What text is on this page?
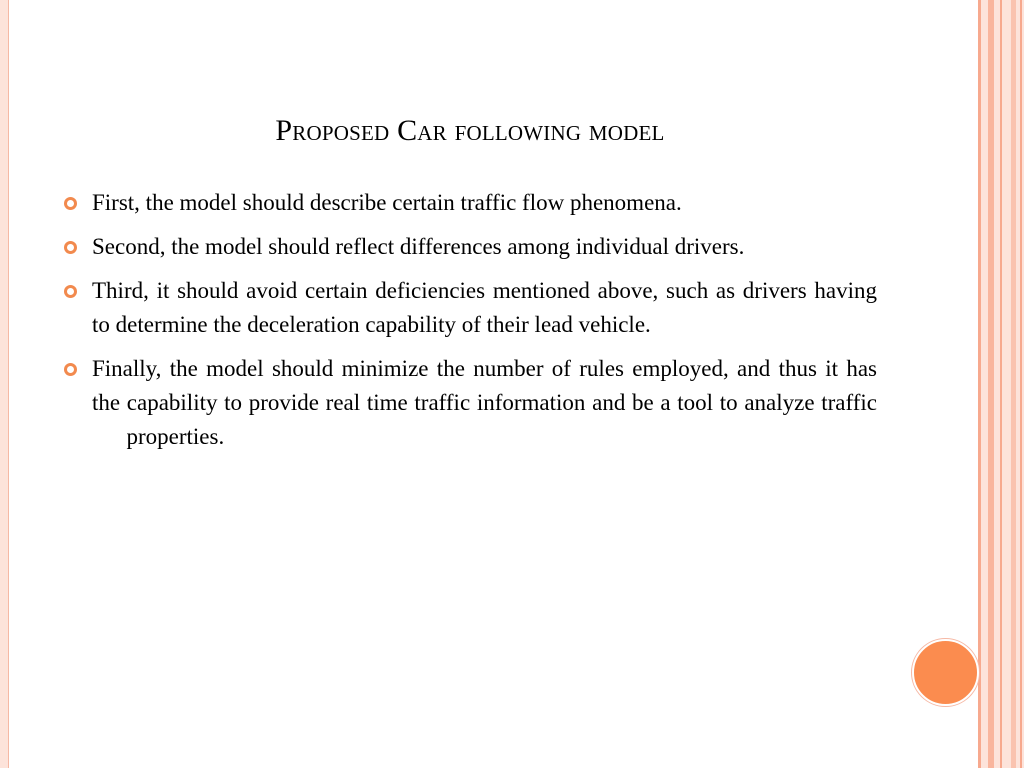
Proposed Car following model
First, the model should describe certain traffic flow phenomena.
Second, the model should reflect differences among individual drivers.
Third, it should avoid certain deficiencies mentioned above, such as drivers having to determine the deceleration capability of their lead vehicle.
Finally, the model should minimize the number of rules employed, and thus it has the capability to provide real time traffic information and be a tool to analyze traffic       properties.
